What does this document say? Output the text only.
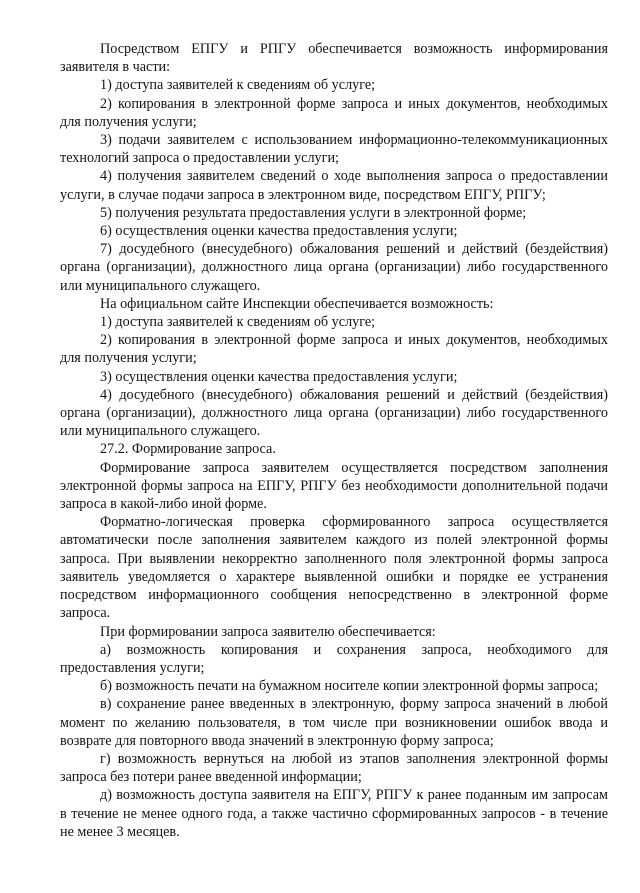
Посредством ЕПГУ и РПГУ обеспечивается возможность информирования заявителя в части:

1) доступа заявителей к сведениям об услуге;

2) копирования в электронной форме запроса и иных документов, необходимых для получения услуги;

3) подачи заявителем с использованием информационно-телекоммуникационных технологий запроса о предоставлении услуги;

4) получения заявителем сведений о ходе выполнения запроса о предоставлении услуги, в случае подачи запроса в электронном виде, посредством ЕПГУ, РПГУ;

5) получения результата предоставления услуги в электронной форме;

6) осуществления оценки качества предоставления услуги;

7) досудебного (внесудебного) обжалования решений и действий (бездействия) органа (организации), должностного лица органа (организации) либо государственного или муниципального служащего.

На официальном сайте Инспекции обеспечивается возможность:

1) доступа заявителей к сведениям об услуге;

2) копирования в электронной форме запроса и иных документов, необходимых для получения услуги;

3) осуществления оценки качества предоставления услуги;

4) досудебного (внесудебного) обжалования решений и действий (бездействия) органа (организации), должностного лица органа (организации) либо государственного или муниципального служащего.

27.2. Формирование запроса.

Формирование запроса заявителем осуществляется посредством заполнения электронной формы запроса на ЕПГУ, РПГУ без необходимости дополнительной подачи запроса в какой-либо иной форме.

Форматно-логическая проверка сформированного запроса осуществляется автоматически после заполнения заявителем каждого из полей электронной формы запроса. При выявлении некорректно заполненного поля электронной формы запроса заявитель уведомляется о характере выявленной ошибки и порядке ее устранения посредством информационного сообщения непосредственно в электронной форме запроса.

При формировании запроса заявителю обеспечивается:

а) возможность копирования и сохранения запроса, необходимого для предоставления услуги;

б) возможность печати на бумажном носителе копии электронной формы запроса;

в) сохранение ранее введенных в электронную, форму запроса значений в любой момент по желанию пользователя, в том числе при возникновении ошибок ввода и возврате для повторного ввода значений в электронную форму запроса;

г) возможность вернуться на любой из этапов заполнения электронной формы запроса без потери ранее введенной информации;

д) возможность доступа заявителя на ЕПГУ, РПГУ к ранее поданным им запросам в течение не менее одного года, а также частично сформированных запросов - в течение не менее 3 месяцев.
